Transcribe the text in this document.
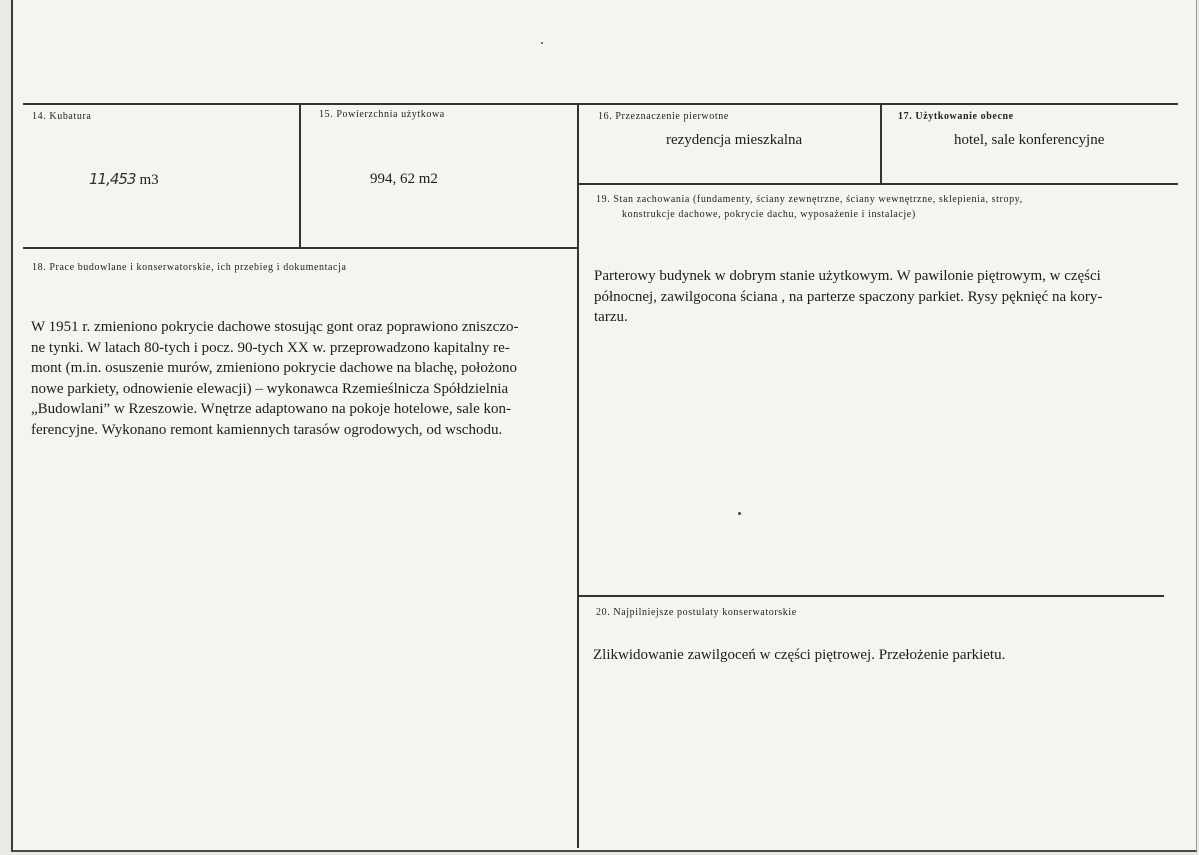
14. Kubatura
11,453 m3
15. Powierzchnia użytkowa
994, 62 m2
16. Przeznaczenie pierwotne
rezydencja mieszkalna
17. Użytkowanie obecne
hotel, sale konferencyjne
19. Stan zachowania (fundamenty, ściany zewnętrzne, ściany wewnętrzne, sklepienia, stropy,
konstrukcje dachowe, pokrycie dachu, wyposażenie i instalacje)
Parterowy budynek w dobrym stanie użytkowym. W pawilonie piętrowym, w części
północnej, zawilgocona ściana , na parterze spaczony parkiet. Rysy pęknięć na kory-
tarzu.
18. Prace budowlane i konserwatorskie, ich przebieg i dokumentacja
W 1951 r. zmieniono pokrycie dachowe stosując gont oraz poprawiono zniszczo-
ne tynki. W latach 80-tych i pocz. 90-tych XX w. przeprowadzono kapitalny re-
mont (m.in. osuszenie murów, zmieniono pokrycie dachowe na blachę, położono
nowe parkiety, odnowienie elewacji) – wykonawca Rzemieślnicza Spółdzielnia
„Budowlani” w Rzeszowie. Wnętrze adaptowano na pokoje hotelowe, sale kon-
ferencyjne. Wykonano remont kamiennych tarasów ogrodowych, od wschodu.
20. Najpilniejsze postulaty konserwatorskie
Zlikwidowanie zawilgoceń w części piętrowej. Przełożenie parkietu.
